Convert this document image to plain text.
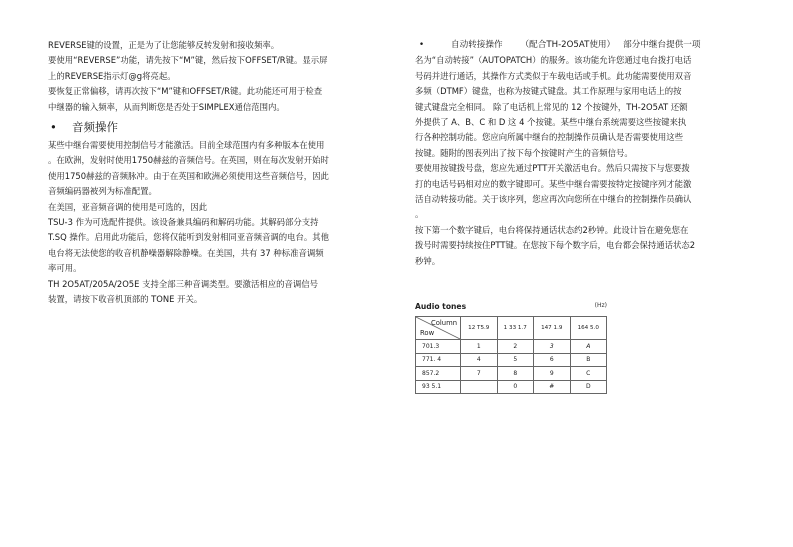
REVERSE键的设置，正是为了让您能够反转发射和接收频率。
要使用“REVERSE”功能，请先按下“M”键，然后按下OFFSET/R键。显示屏
上的REVERSE指示灯@g将亮起。
要恢复正常偏移，请再次按下“M”键和OFFSET/R键。此功能还可用于检查
中继器的输入频率，从而判断您是否处于SIMPLEX通信范围内。
• 音频操作
某些中继台需要使用控制信号才能激活。目前全球范围内有多种版本在使用
。在欧洲，发射时使用1750赫兹的音频信号。在英国，则在每次发射开始时
使用1750赫兹的音频脉冲。由于在英国和欧洲必须使用这些音频信号，因此
音频编码器被列为标准配置。
在美国，亚音频音调的使用是可选的，因此
TSU-3 作为可选配件提供。该设备兼具编码和解码功能。其解码部分支持
T.SQ 操作。启用此功能后，您将仅能听到发射相同亚音频音调的电台。其他
电台将无法使您的收音机静噪器解除静噪。在美国，共有 37 种标准音调频
率可用。
TH 2O5AT/205A/2O5E 支持全部三种音调类型。要激活相应的音调信号
装置，请按下收音机顶部的 TONE 开关。
•	自动转接操作 （配合TH-2O5AT使用） 部分中继台提供一项
名为“自动转接”（AUTOPATCH）的服务。该功能允许您通过电台拨打电话
号码并进行通话，其操作方式类似于车载电话或手机。此功能需要使用双音
多频（DTMF）键盘，也称为按键式键盘。其工作原理与家用电话上的按
键式键盘完全相同。 除了电话机上常见的 12 个按键外，TH-2O5AT 还额
外提供了 A、B、C 和 D 这 4 个按键。某些中继台系统需要这些按键来执
行各种控制功能。您应向所属中继台的控制操作员确认是否需要使用这些
按键。随附的图表列出了按下每个按键时产生的音频信号。
要使用按键拨号盘，您应先通过PTT开关激活电台。然后只需按下与您要拨
打的电话号码相对应的数字键即可。某些中继台需要按特定按键序列才能激
活自动转接功能。关于该序列，您应再次向您所在中继台的控制操作员确认
。
按下第一个数字键后，电台将保持通话状态约2秒钟。此设计旨在避免您在
拨号时需要持续按住PTT键。在您按下每个数字后，电台都会保持通话状态2
秒钟。
Audio tones	(Hz)
Column
Row	12 T5.9	1 33 1.7	147 1.9	164 5.0
701.3	1	2	3	A
771. 4	4	5	6	B
857.2	7	8	9	C
93 5.1		0	#	D
